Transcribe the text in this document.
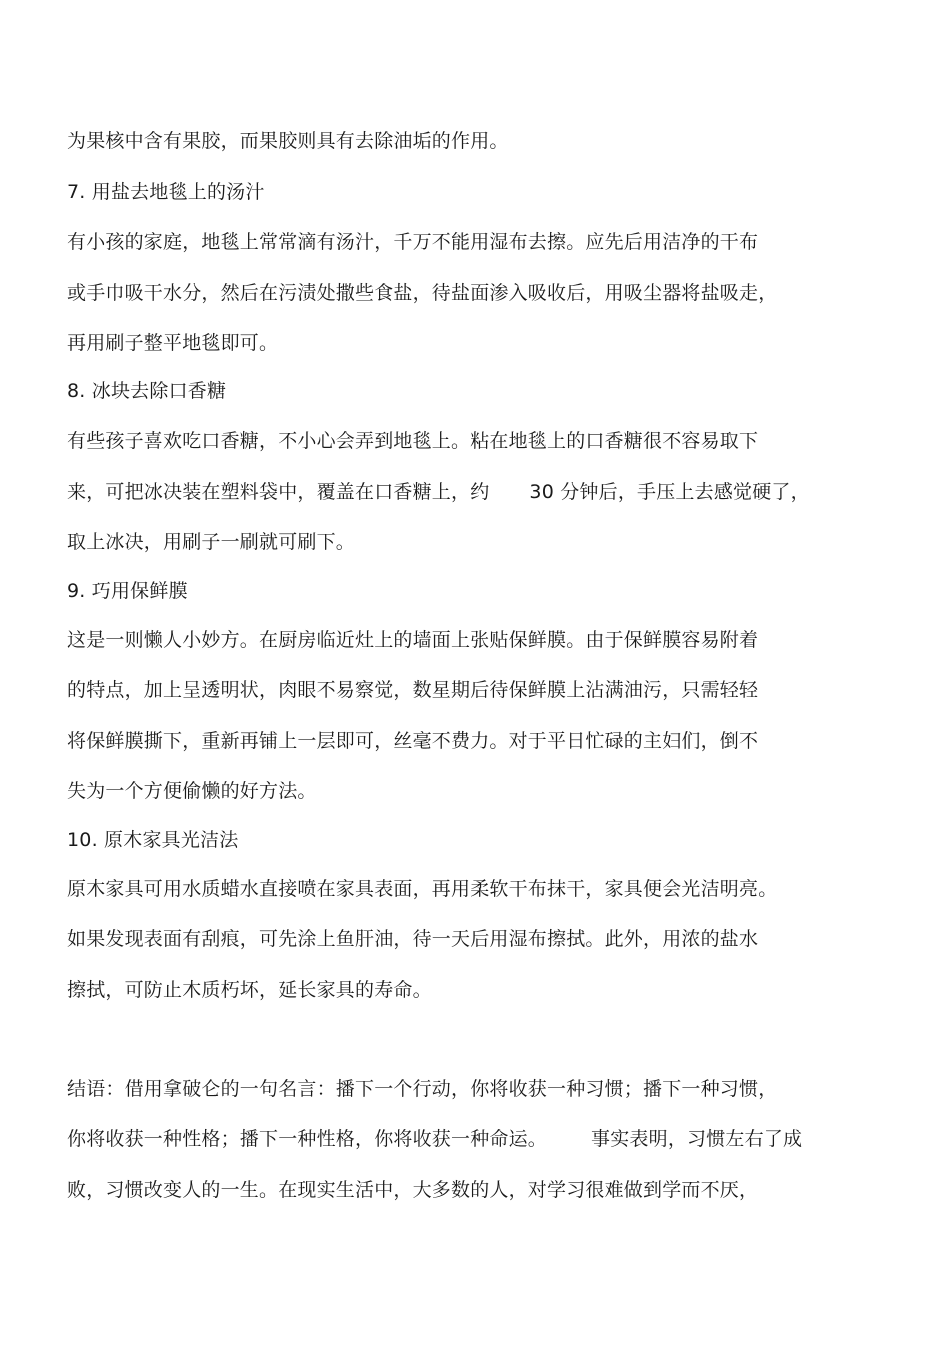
为果核中含有果胶，而果胶则具有去除油垢的作用。
7. 用盐去地毯上的汤汁
有小孩的家庭，地毯上常常滴有汤汁，千万不能用湿布去擦。应先后用洁净的干布
或手巾吸干水分，然后在污渍处撒些食盐，待盐面渗入吸收后，用吸尘器将盐吸走，
再用刷子整平地毯即可。
8. 冰块去除口香糖
有些孩子喜欢吃口香糖，不小心会弄到地毯上。粘在地毯上的口香糖很不容易取下
来，可把冰决装在塑料袋中，覆盖在口香糖上，约 30 分钟后，手压上去感觉硬了，
取上冰决，用刷子一刷就可刷下。
9. 巧用保鲜膜
这是一则懒人小妙方。在厨房临近灶上的墙面上张贴保鲜膜。由于保鲜膜容易附着
的特点，加上呈透明状，肉眼不易察觉，数星期后待保鲜膜上沾满油污，只需轻轻
将保鲜膜撕下，重新再铺上一层即可，丝毫不费力。对于平日忙碌的主妇们，倒不
失为一个方便偷懒的好方法。
10. 原木家具光洁法
原木家具可用水质蜡水直接喷在家具表面，再用柔软干布抹干，家具便会光洁明亮。
如果发现表面有刮痕，可先涂上鱼肝油，待一天后用湿布擦拭。此外，用浓的盐水
擦拭，可防止木质朽坏，延长家具的寿命。
结语：借用拿破仑的一句名言：播下一个行动，你将收获一种习惯；播下一种习惯，
你将收获一种性格；播下一种性格，你将收获一种命运。 事实表明，习惯左右了成
败，习惯改变人的一生。在现实生活中，大多数的人，对学习很难做到学而不厌，
